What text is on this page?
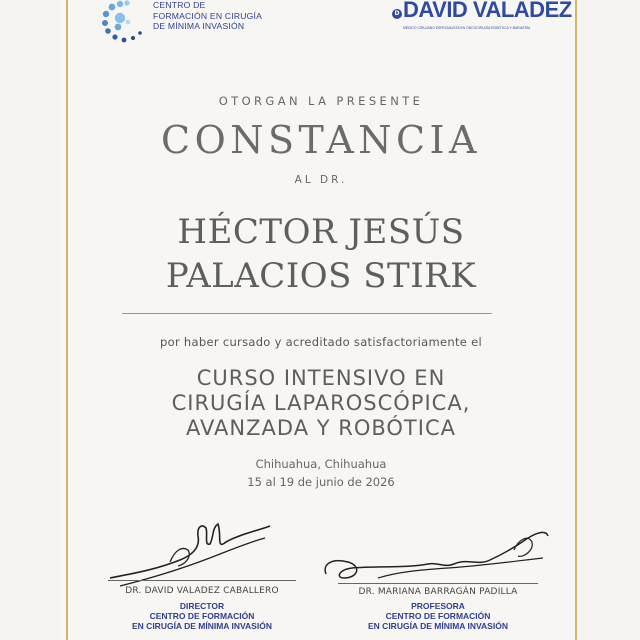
CENTRO DE
FORMACIÓN EN CIRUGÍA
DE MÍNIMA INVASIÓN
D DAVID VALADEZ
MÉDICO CIRUJANO ESPECIALISTA EN ONCOCIRUGÍA ROBÓTICA Y BARIATRÍA
OTORGAN LA PRESENTE
CONSTANCIA
AL DR.
HÉCTOR JESÚS
PALACIOS STIRK
por haber cursado y acreditado satisfactoriamente el
CURSO INTENSIVO EN
CIRUGÍA LAPAROSCÓPICA,
AVANZADA Y ROBÓTICA
Chihuahua, Chihuahua
15 al 19 de junio de 2026
DR. DAVID VALADEZ CABALLERO
DIRECTOR
CENTRO DE FORMACIÓN
EN CIRUGÍA DE MÍNIMA INVASIÓN
DR. MARIANA BARRAGÁN PADILLA
PROFESORA
CENTRO DE FORMACIÓN
EN CIRUGÍA DE MÍNIMA INVASIÓN
